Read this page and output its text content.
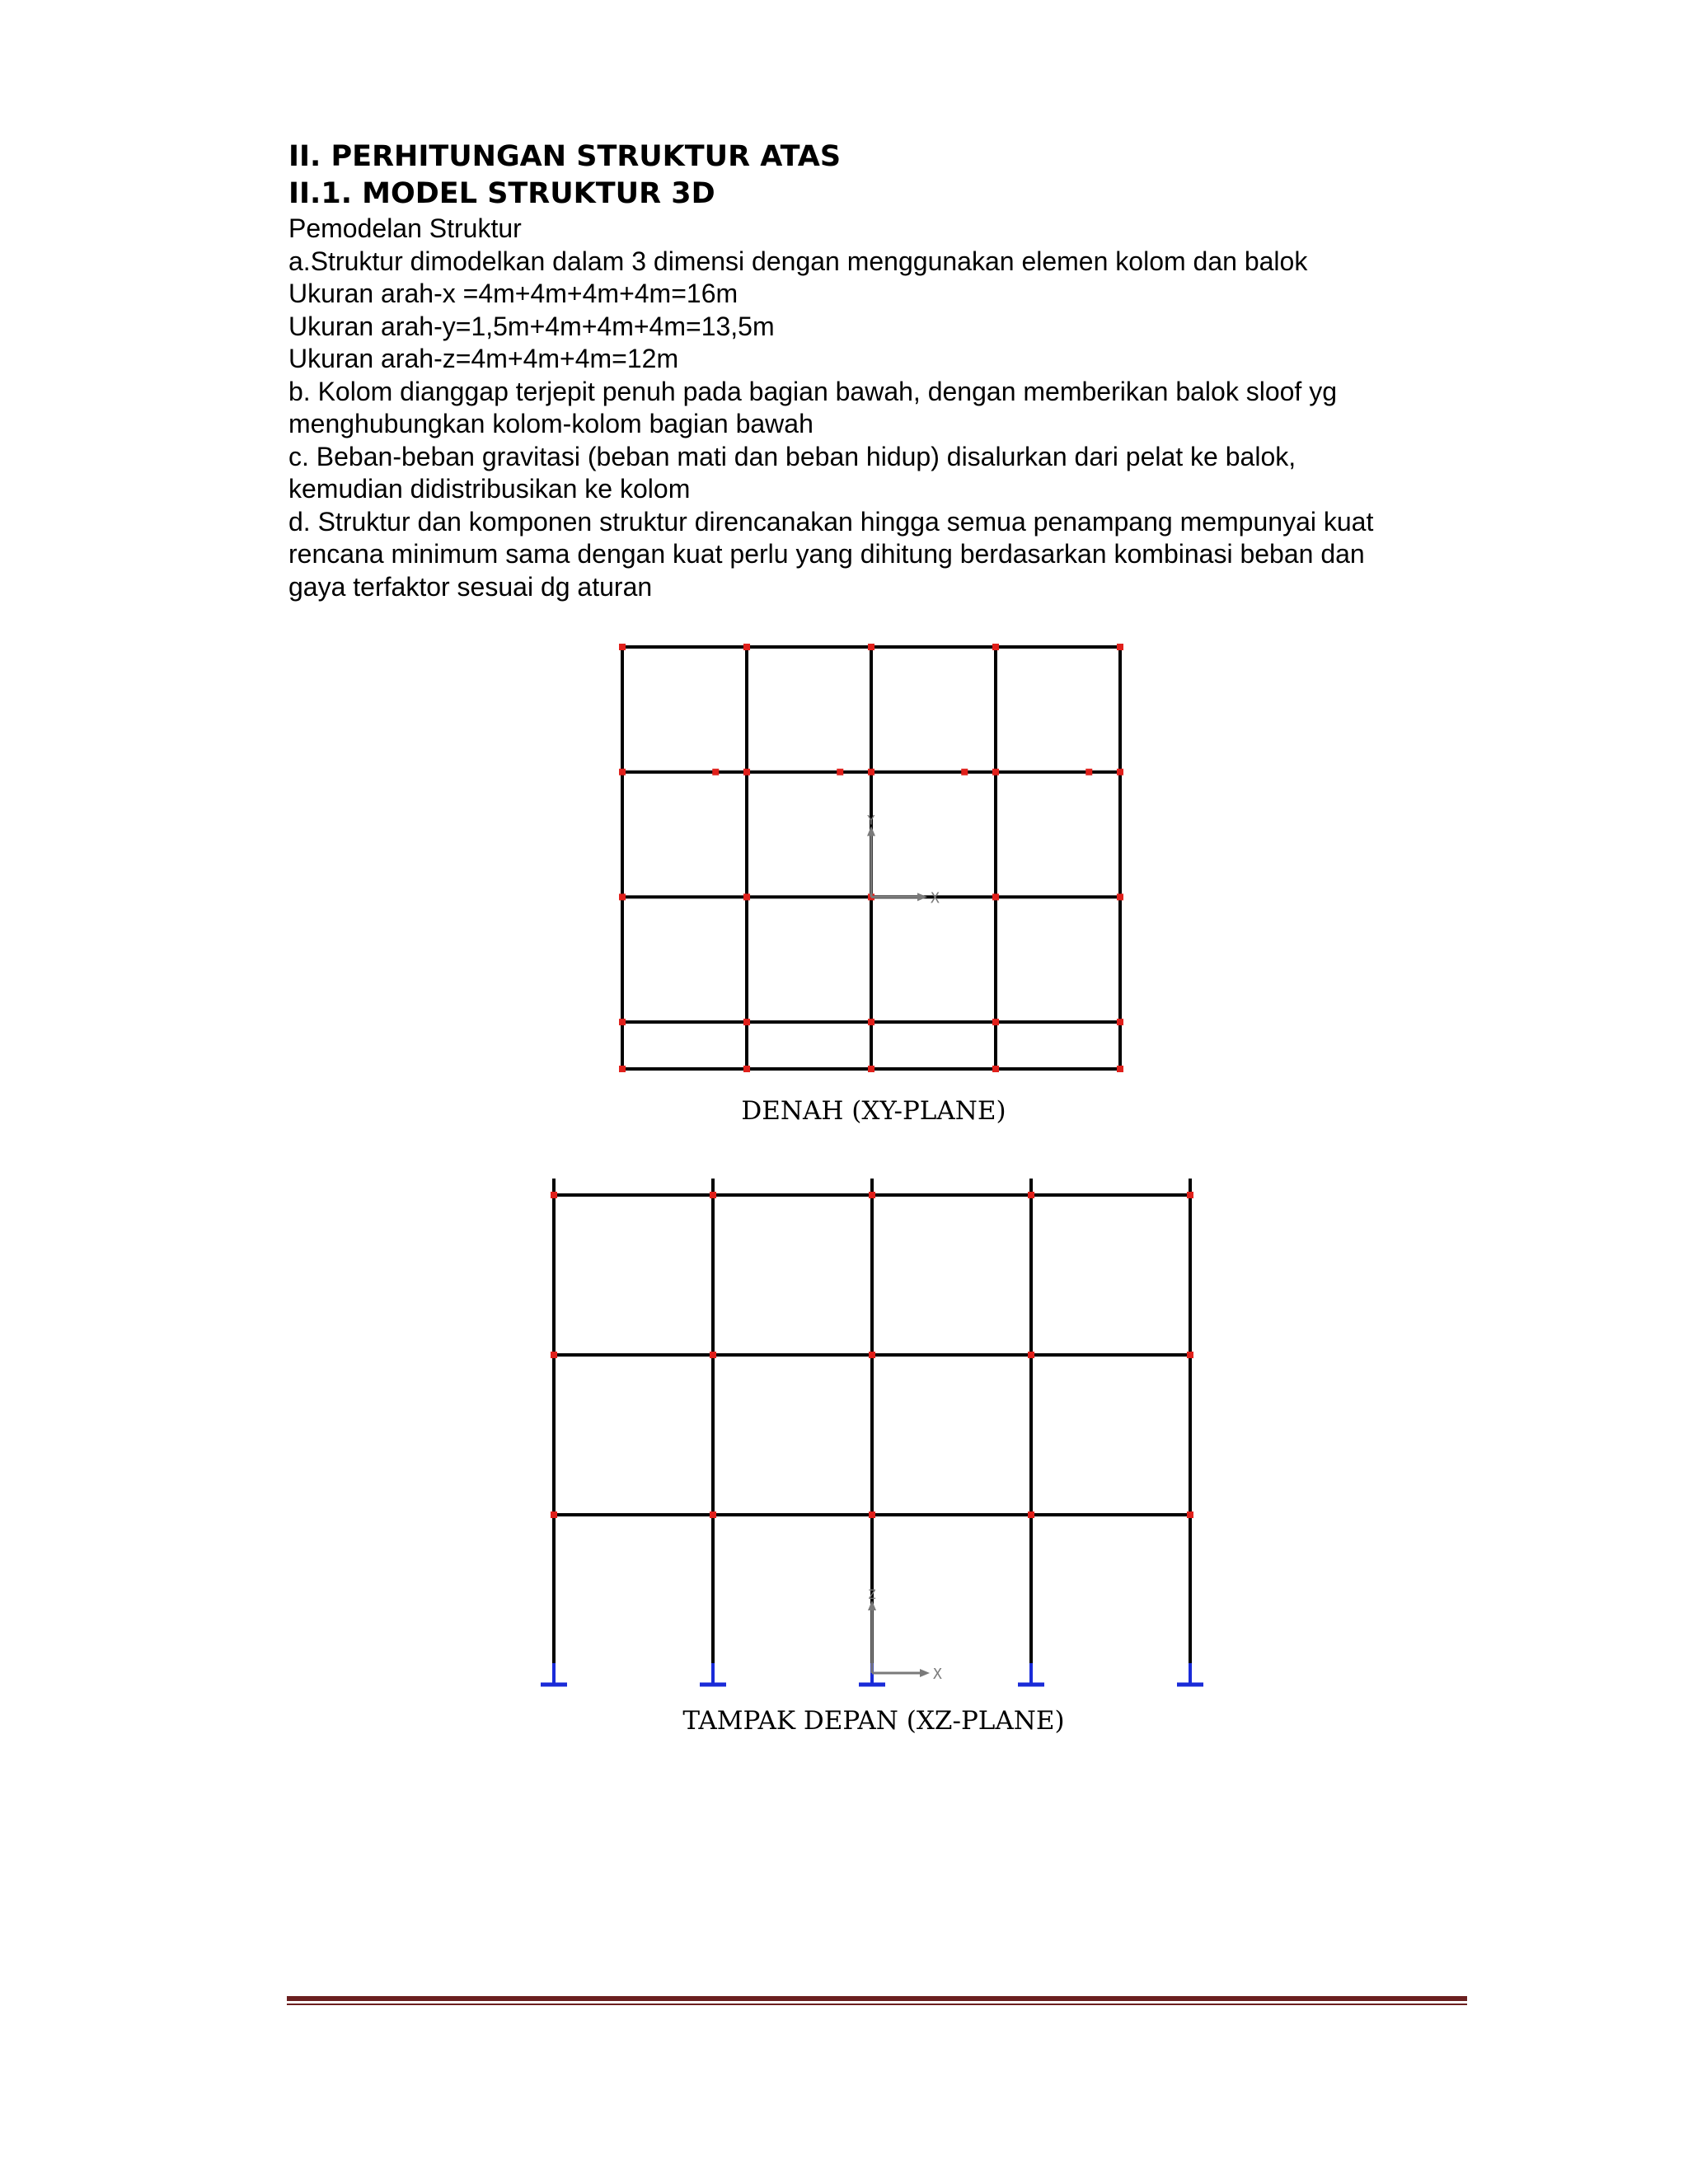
II. PERHITUNGAN STRUKTUR ATAS

II.1. MODEL STRUKTUR 3D

Pemodelan Struktur

a.Struktur dimodelkan dalam 3 dimensi dengan menggunakan elemen kolom dan balok

Ukuran arah-x =4m+4m+4m+4m=16m

Ukuran arah-y=1,5m+4m+4m+4m=13,5m

Ukuran arah-z=4m+4m+4m=12m

b. Kolom dianggap terjepit penuh pada bagian bawah, dengan memberikan balok sloof yg

menghubungkan kolom-kolom bagian bawah

c. Beban-beban gravitasi (beban mati dan beban hidup) disalurkan dari pelat ke balok,

kemudian didistribusikan ke kolom

d. Struktur dan komponen struktur direncanakan hingga semua penampang mempunyai kuat

rencana minimum sama dengan kuat perlu yang dihitung berdasarkan kombinasi beban dan

gaya terfaktor sesuai dg aturan

X
Y
DENAH (XY-PLANE)
X
Z
TAMPAK DEPAN (XZ-PLANE)
